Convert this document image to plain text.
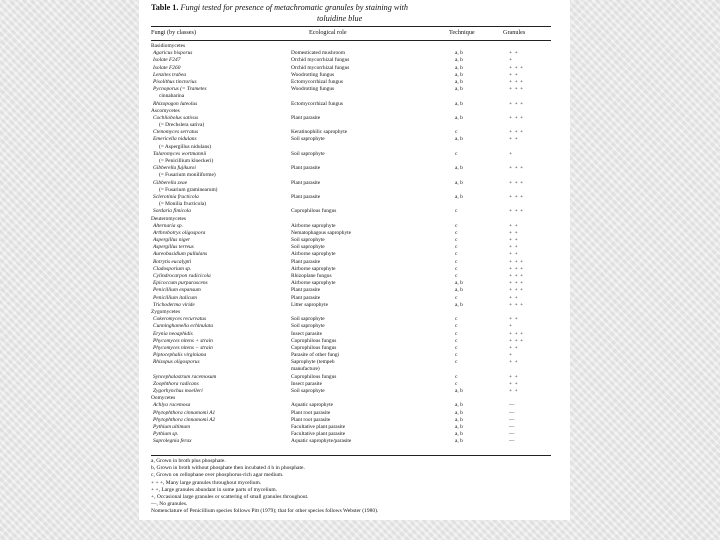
Table 1. Fungi tested for presence of metachromatic granules by staining with
toluidine blue
Fungi (by classes)	Ecological role	Technique	Granules
Basidiomycetes
Agaricus bisporus	Domesticated mushroom	a, b	+ +
Isolate F247	Orchid mycorrhizal fungus	a, b	+
Isolate F260	Orchid mycorrhizal fungus	a, b	+ + +
Lenzites trabea	Woodrotting fungus	a, b	+ +
Pisolithus tinctorius	Ectomycorrhizal fungus	a, b	+ + +
Pycnoporus (= Trametes	Woodrotting fungus	a, b	+ + +
cinnabarina
Rhizopogon luteolus	Ectomycorrhizal fungus	a, b	+ + +
Ascomycetes
Cochliobolus sativus	Plant parasite	a, b	+ + +
(= Drechslera sativa)
Ctenomyces serratus	Keratinophilic saprophyte	c	+ + +
Emericella nidulans	Soil saprophyte	a, b	+ +
(= Aspergillus nidulans)
Talaromyces wortmannii	Soil saprophyte	c	+
(= Penicillium kloeckeri)
Gibberella fujikuroi	Plant parasite	a, b	+ + +
(= Fusarium moniliforme)
Gibberella zeae	Plant parasite	a, b	+ + +
(= Fusarium graminearum)
Sclerotinia fructicola	Plant parasite	a, b	+ + +
(= Monilia fructicola)
Sordaria fimicola	Coprophilous fungus	c	+ + +
Deuteromycetes
Alternaria sp.	Airborne saprophyte	c	+ +
Arthrobotrys oligospora	Nematophagous saprophyte	c	+ +
Aspergillus niger	Soil saprophyte	c	+ +
Aspergillus terreus	Soil saprophyte	c	+ +
Aureobasidium pullulans	Airborne saprophyte	c	+ +
Botrytis eucalypti	Plant parasite	c	+ + +
Cladosporium sp.	Airborne saprophyte	c	+ + +
Cylindrocarpon radicicola	Rhizoplane fungus	c	+ + +
Epicoccum purpurascens	Airborne saprophyte	a, b	+ + +
Penicillium expansum	Plant parasite	a, b	+ + +
Penicillium italicum	Plant parasite	c	+ +
Trichoderma viride	Litter saprophyte	a, b	+ + +
Zygomycetes
Cokeromyces recurvatus	Soil saprophyte	c	+ +
Cunninghamella echinulata	Soil saprophyte	c	+
Erynia neoaphidis	Insect parasite	c	+ + +
Phycomyces nitens + strain	Coprophilous fungus	c	+ + +
Phycomyces nitens − strain	Coprophilous fungus	c	+ +
Piptocephalis virginiana	Parasite of other fungi	c	+
Rhizopus oligosporus	Saprophyte (tempeh	c	+ +
manufacture)
Syncephalastrum racemosum	Coprophilous fungus	c	+ +
Zoophthora radicans	Insect parasite	c	+ +
Zygorhynchus moelleri	Soil saprophyte	a, b	+ +
Oomycetes
Achlya racemosa	Aquatic saprophyte	a, b	—
Phytophthora cinnamomi A1	Plant root parasite	a, b	—
Phytophthora cinnamomi A2	Plant root parasite	a, b	—
Pythium ultimum	Facultative plant parasite	a, b	—
Pythium sp.	Facultative plant parasite	a, b	—
Saprolegnia ferax	Aquatic saprophyte/parasite	a, b	—
a, Grown in broth plus phosphate.
b, Grown in broth without phosphate then incubated 4 h in phosphate.
c, Grown on cellophane over phosphorus-rich agar medium.
+ + +, Many large granules throughout mycelium.
+ +, Large granules abundant in some parts of mycelium.
+, Occasional large granules or scattering of small granules throughout.
—, No granules.
Nomenclature of Penicillium species follows Pitt (1979); that for other species follows Webster (1980).
